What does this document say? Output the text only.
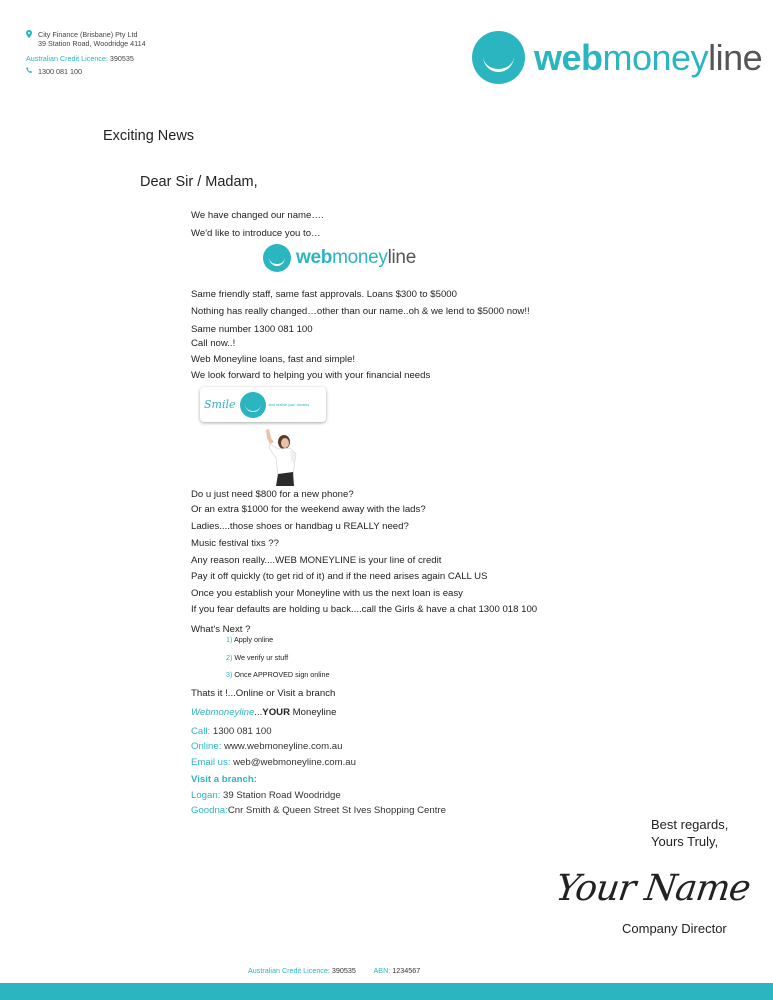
City Finance (Brisbane) Pty Ltd
39 Station Road, Woodridge 4114
Australian Credit Licence: 390535
1300 081 100	webmoneyline
Exciting News
Dear Sir / Madam,
We have changed our name….
We'd like to introduce you to…
webmoneyline
Same friendly staff, same fast approvals. Loans $300 to $5000
Nothing has really changed…other than our name..oh & we lend to $5000 now!!
Same number 1300 081 100
Call now..!
Web Moneyline loans, fast and simple!
We look forward to helping you with your financial needs
Smile	and realise your dreams
Do u just need $800 for a new phone?
Or an extra $1000 for the weekend away with the lads?
Ladies....those shoes or handbag u REALLY need?
Music festival tixs ??
Any reason really....WEB MONEYLINE is your line of credit
Pay it off quickly (to get rid of it) and if the need arises again CALL US
Once you establish your Moneyline with us the next loan is easy
If you fear defaults are holding u back....call the Girls & have a chat 1300 018 100
What's Next ?
1) Apply online
2) We verify ur stuff
3) Once APPROVED sign online
Thats it !...Online or Visit a branch
Webmoneyline...YOUR Moneyline
Call: 1300 081 100
Online: www.webmoneyline.com.au
Email us: web@webmoneyline.com.au
Visit a branch:
Logan: 39 Station Road Woodridge
Goodna:Cnr Smith & Queen Street St Ives Shopping Centre
Best regards,
Yours Truly,
Your Name
Company Director
Australian Credit Licence: 390535 ABN: 1234567
